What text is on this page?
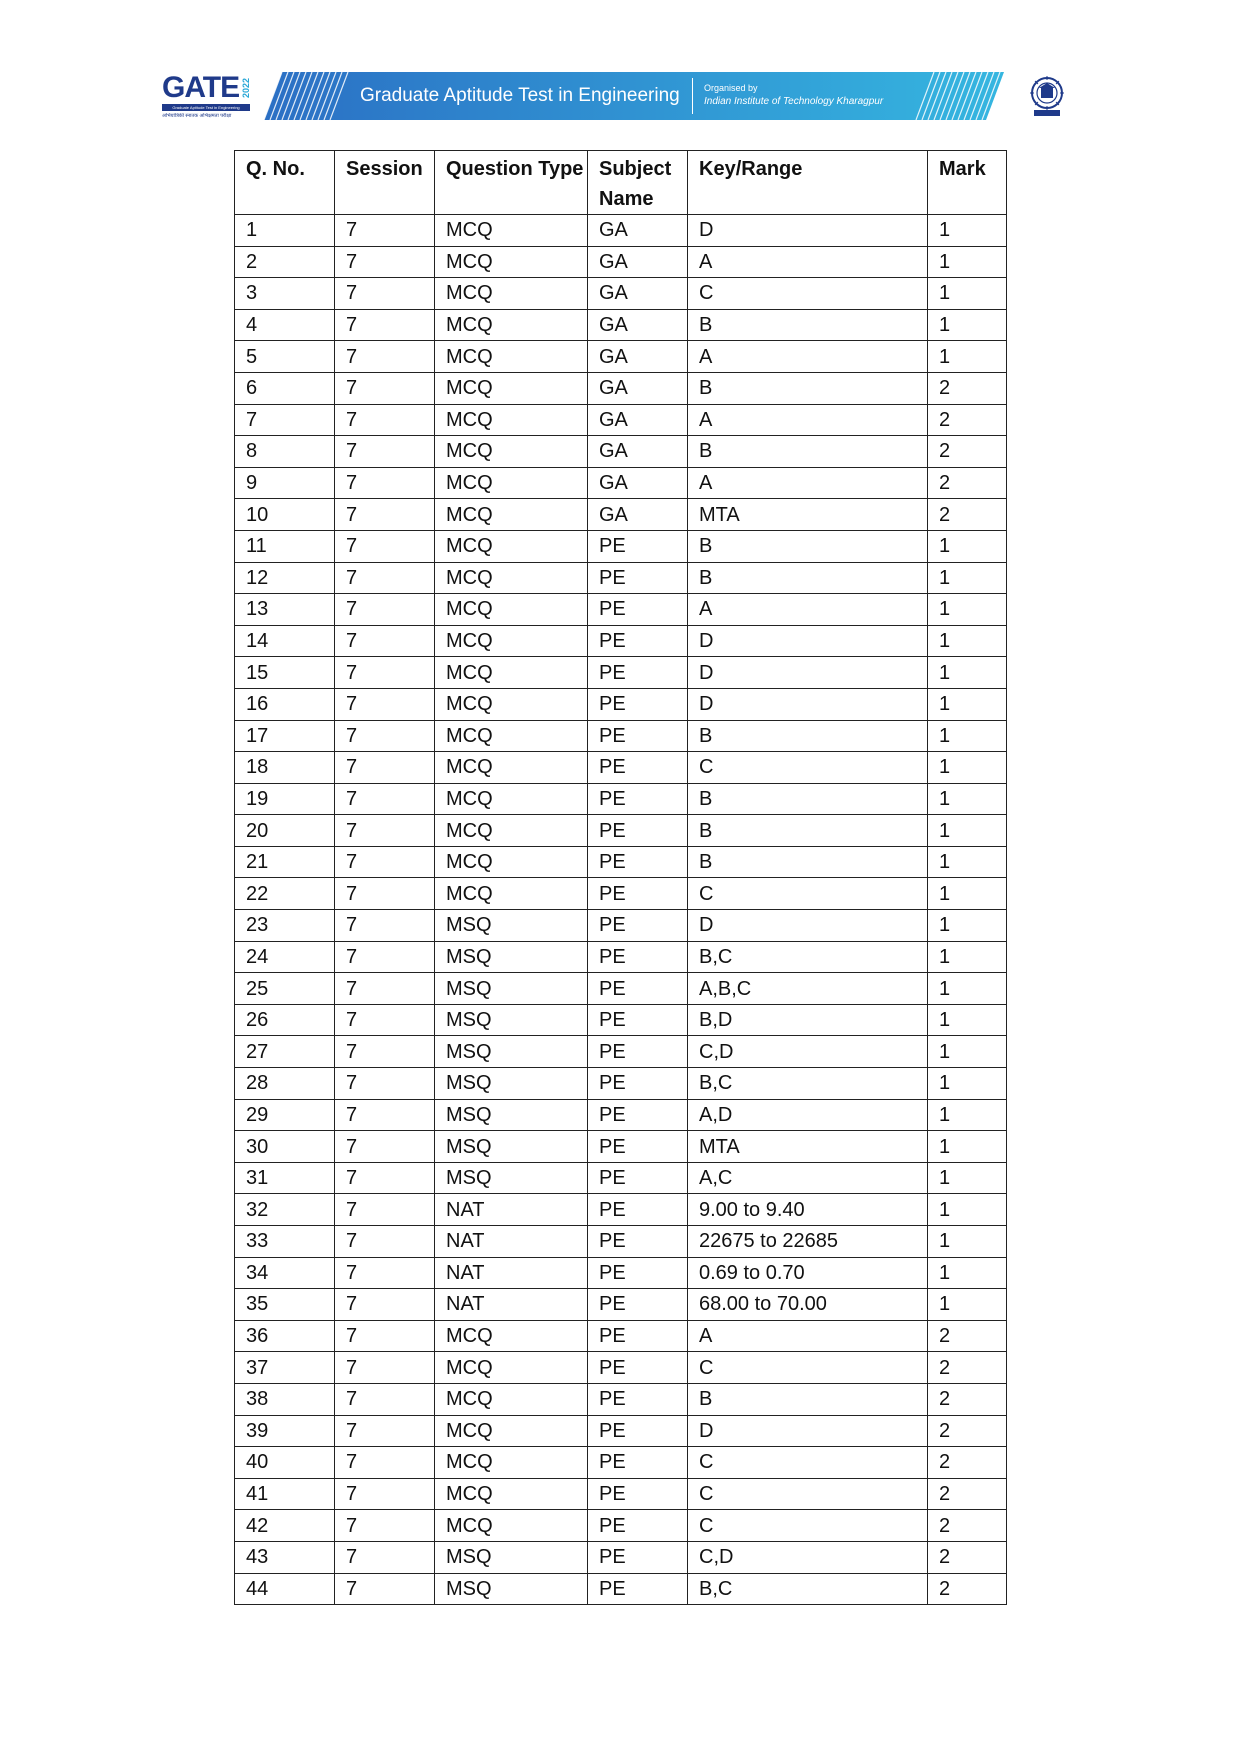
GATE 2022
Graduate Aptitude Test in Engineering
अभियांत्रिकी स्नातक अभिक्षमता परीक्षा
Graduate Aptitude Test in Engineering	Organised by
Indian Institute of Technology Kharagpur
Q. No.	Session	Question Type	Subject Name	Key/Range	Mark
1	7	MCQ	GA	D	1
2	7	MCQ	GA	A	1
3	7	MCQ	GA	C	1
4	7	MCQ	GA	B	1
5	7	MCQ	GA	A	1
6	7	MCQ	GA	B	2
7	7	MCQ	GA	A	2
8	7	MCQ	GA	B	2
9	7	MCQ	GA	A	2
10	7	MCQ	GA	MTA	2
11	7	MCQ	PE	B	1
12	7	MCQ	PE	B	1
13	7	MCQ	PE	A	1
14	7	MCQ	PE	D	1
15	7	MCQ	PE	D	1
16	7	MCQ	PE	D	1
17	7	MCQ	PE	B	1
18	7	MCQ	PE	C	1
19	7	MCQ	PE	B	1
20	7	MCQ	PE	B	1
21	7	MCQ	PE	B	1
22	7	MCQ	PE	C	1
23	7	MSQ	PE	D	1
24	7	MSQ	PE	B,C	1
25	7	MSQ	PE	A,B,C	1
26	7	MSQ	PE	B,D	1
27	7	MSQ	PE	C,D	1
28	7	MSQ	PE	B,C	1
29	7	MSQ	PE	A,D	1
30	7	MSQ	PE	MTA	1
31	7	MSQ	PE	A,C	1
32	7	NAT	PE	9.00 to 9.40	1
33	7	NAT	PE	22675 to 22685	1
34	7	NAT	PE	0.69 to 0.70	1
35	7	NAT	PE	68.00 to 70.00	1
36	7	MCQ	PE	A	2
37	7	MCQ	PE	C	2
38	7	MCQ	PE	B	2
39	7	MCQ	PE	D	2
40	7	MCQ	PE	C	2
41	7	MCQ	PE	C	2
42	7	MCQ	PE	C	2
43	7	MSQ	PE	C,D	2
44	7	MSQ	PE	B,C	2
